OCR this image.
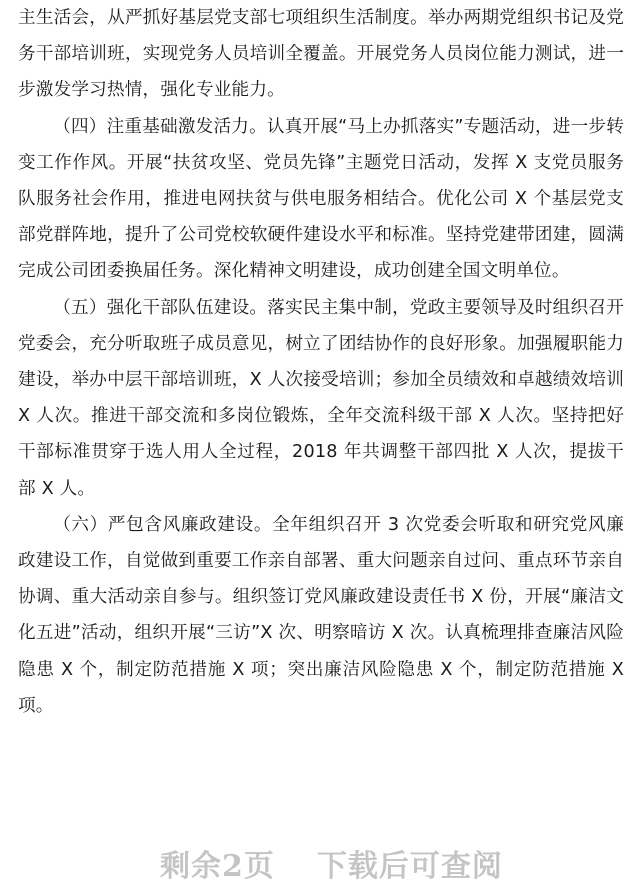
主生活会，从严抓好基层党支部七项组织生活制度。举办两期党组织书记及党务干部培训班，实现党务人员培训全覆盖。开展党务人员岗位能力测试，进一步激发学习热情，强化专业能力。

（四）注重基础激发活力。认真开展“马上办抓落实”专题活动，进一步转变工作作风。开展“扶贫攻坚、党员先锋”主题党日活动，发挥 X 支党员服务队服务社会作用，推进电网扶贫与供电服务相结合。优化公司 X 个基层党支部党群阵地，提升了公司党校软硬件建设水平和标准。坚持党建带团建，圆满完成公司团委换届任务。深化精神文明建设，成功创建全国文明单位。

（五）强化干部队伍建设。落实民主集中制，党政主要领导及时组织召开党委会，充分听取班子成员意见，树立了团结协作的良好形象。加强履职能力建设，举办中层干部培训班，X 人次接受培训；参加全员绩效和卓越绩效培训 X 人次。推进干部交流和多岗位锻炼，全年交流科级干部 X 人次。坚持把好干部标准贯穿于选人用人全过程，2018 年共调整干部四批 X 人次，提拔干部 X 人。

（六）严包含风廉政建设。全年组织召开 3 次党委会听取和研究党风廉政建设工作，自觉做到重要工作亲自部署、重大问题亲自过问、重点环节亲自协调、重大活动亲自参与。组织签订党风廉政建设责任书 X 份，开展“廉洁文化五进”活动，组织开展“三访”X 次、明察暗访 X 次。认真梳理排查廉洁风险隐患 X 个，制定防范措施 X 项；突出廉洁风险隐患 X 个，制定防范措施 X 项。

剩余2页 下载后可查阅
